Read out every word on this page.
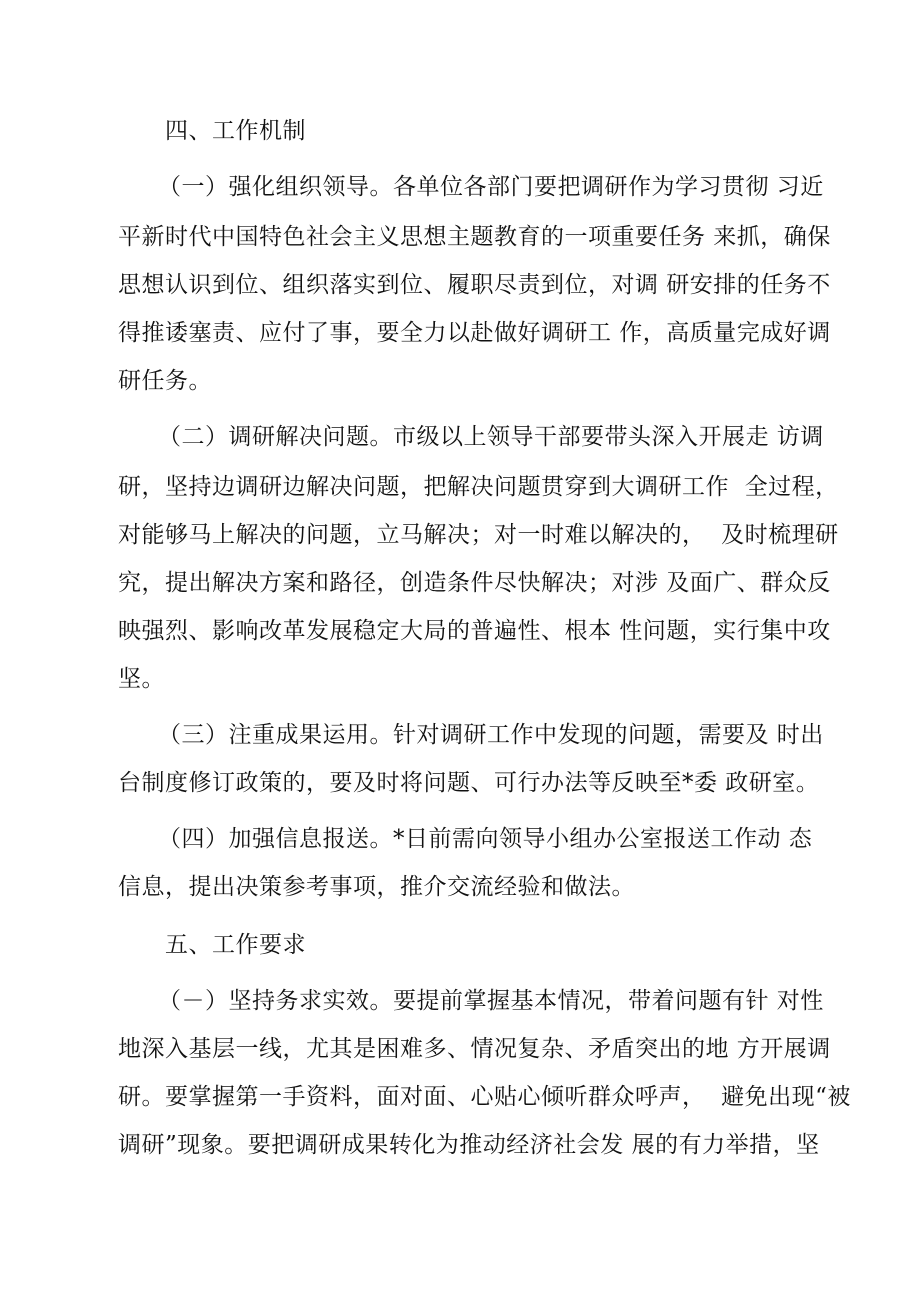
四、工作机制
（一）强化组织领导。各单位各部门要把调研作为学习贯彻 习近
平新时代中国特色社会主义思想主题教育的一项重要任务 来抓，确保
思想认识到位、组织落实到位、履职尽责到位，对调 研安排的任务不
得推诿塞责、应付了事，要全力以赴做好调研工 作，高质量完成好调
研任务。
（二）调研解决问题。市级以上领导干部要带头深入开展走 访调
研，坚持边调研边解决问题，把解决问题贯穿到大调研工作  全过程，
对能够马上解决的问题，立马解决；对一时难以解决的，  及时梳理研
究，提出解决方案和路径，创造条件尽快解决；对涉 及面广、群众反
映强烈、影响改革发展稳定大局的普遍性、根本 性问题，实行集中攻
坚。
（三）注重成果运用。针对调研工作中发现的问题，需要及 时出
台制度修订政策的，要及时将问题、可行办法等反映至*委 政研室。
（四）加强信息报送。*日前需向领导小组办公室报送工作动 态
信息，提出决策参考事项，推介交流经验和做法。
五、工作要求
（－）坚持务求实效。要提前掌握基本情况，带着问题有针 对性
地深入基层一线，尤其是困难多、情况复杂、矛盾突出的地 方开展调
研。要掌握第一手资料，面对面、心贴心倾听群众呼声，  避免出现“被
调研”现象。要把调研成果转化为推动经济社会发 展的有力举措，坚
